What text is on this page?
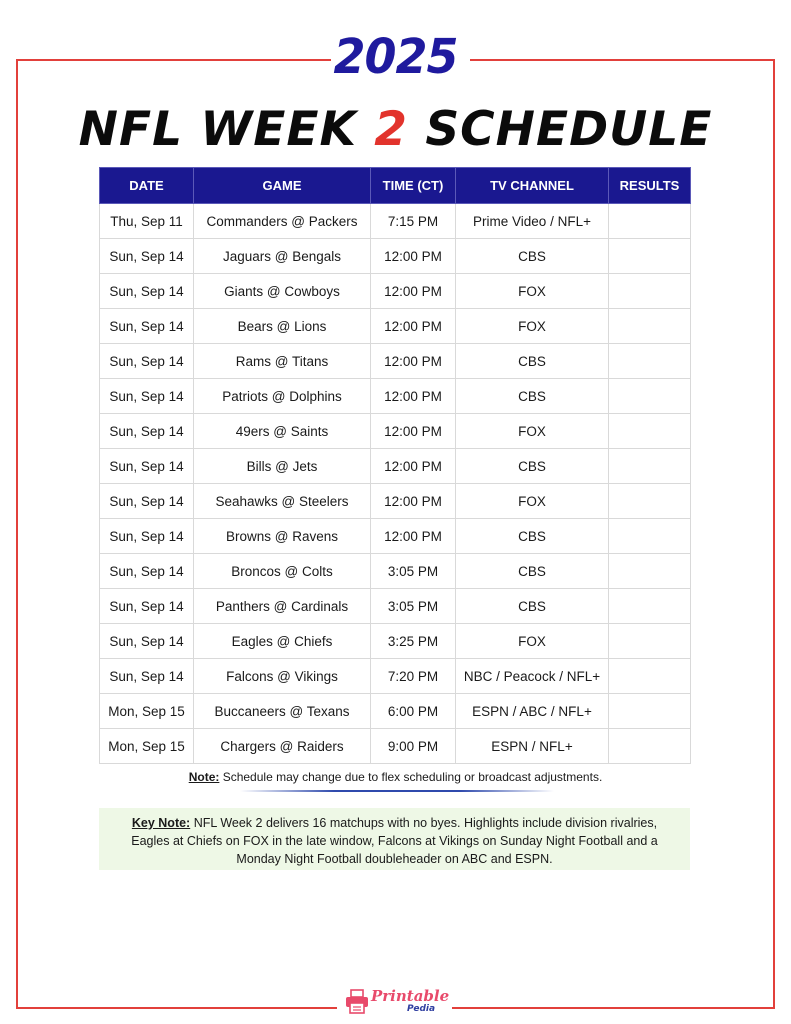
2025
NFL WEEK 2 SCHEDULE
DATE	GAME	TIME (CT)	TV CHANNEL	RESULTS
Thu, Sep 11	Commanders @ Packers	7:15 PM	Prime Video / NFL+	
Sun, Sep 14	Jaguars @ Bengals	12:00 PM	CBS	
Sun, Sep 14	Giants @ Cowboys	12:00 PM	FOX	
Sun, Sep 14	Bears @ Lions	12:00 PM	FOX	
Sun, Sep 14	Rams @ Titans	12:00 PM	CBS	
Sun, Sep 14	Patriots @ Dolphins	12:00 PM	CBS	
Sun, Sep 14	49ers @ Saints	12:00 PM	FOX	
Sun, Sep 14	Bills @ Jets	12:00 PM	CBS	
Sun, Sep 14	Seahawks @ Steelers	12:00 PM	FOX	
Sun, Sep 14	Browns @ Ravens	12:00 PM	CBS	
Sun, Sep 14	Broncos @ Colts	3:05 PM	CBS	
Sun, Sep 14	Panthers @ Cardinals	3:05 PM	CBS	
Sun, Sep 14	Eagles @ Chiefs	3:25 PM	FOX	
Sun, Sep 14	Falcons @ Vikings	7:20 PM	NBC / Peacock / NFL+	
Mon, Sep 15	Buccaneers @ Texans	6:00 PM	ESPN / ABC / NFL+	
Mon, Sep 15	Chargers @ Raiders	9:00 PM	ESPN / NFL+	
Note: Schedule may change due to flex scheduling or broadcast adjustments.
Key Note: NFL Week 2 delivers 16 matchups with no byes. Highlights include division rivalries, Eagles at Chiefs on FOX in the late window, Falcons at Vikings on Sunday Night Football and a Monday Night Football doubleheader on ABC and ESPN.
Printable
Pedia
